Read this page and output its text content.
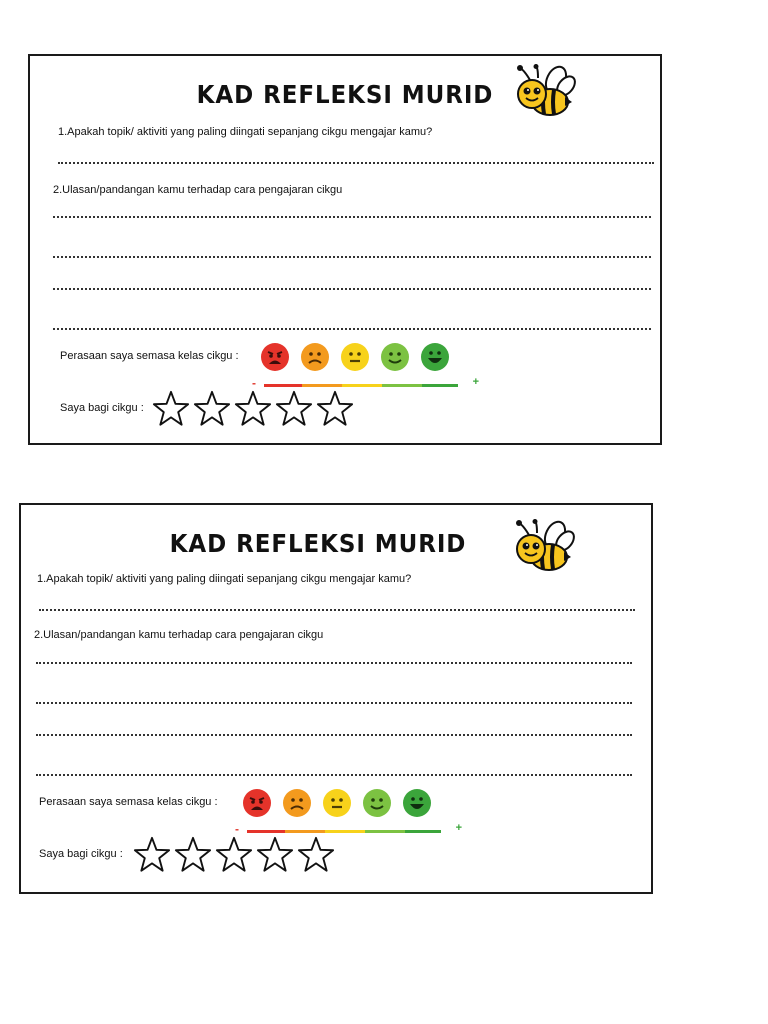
KAD REFLEKSI MURID
1.Apakah topik/ aktiviti yang paling diingati sepanjang cikgu mengajar kamu?
2.Ulasan/pandangan kamu terhadap cara pengajaran cikgu
Perasaan saya semasa kelas cikgu :
-	+
Saya bagi cikgu :
KAD REFLEKSI MURID
1.Apakah topik/ aktiviti yang paling diingati sepanjang cikgu mengajar kamu?
2.Ulasan/pandangan kamu terhadap cara pengajaran cikgu
Perasaan saya semasa kelas cikgu :
-	+
Saya bagi cikgu :
